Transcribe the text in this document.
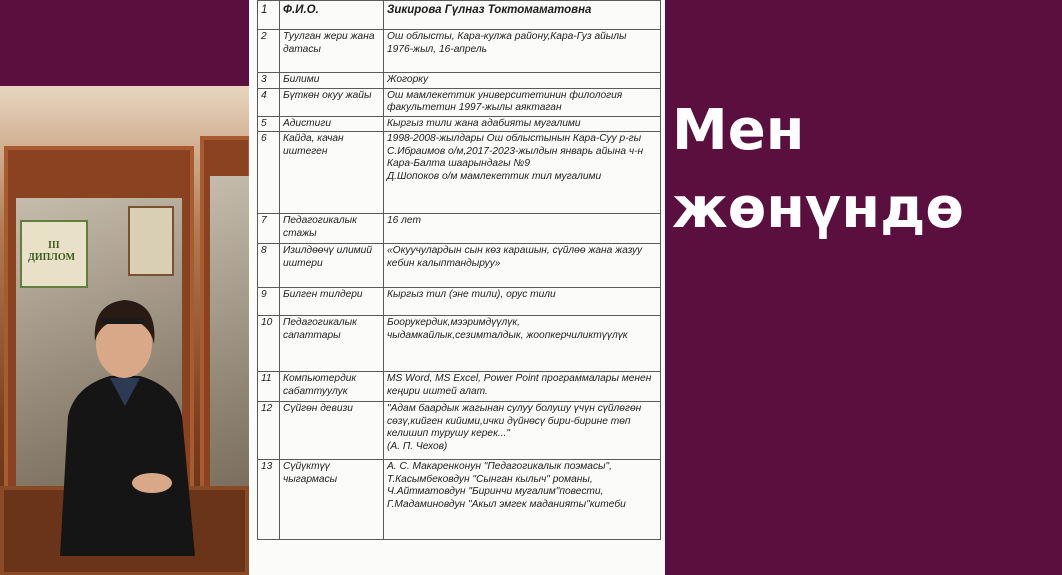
III
ДИПЛОМ
1	Ф.И.О.	Зикирова Гүлназ Токтомаматовна
2	Туулган жери жана датасы	Ош облысты, Кара-кулжа району,Кара-Гуз айылы
1976-жыл, 16-апрель
3	Билими	Жогорку
4	Бүткөн окуу жайы	Ош мамлекеттик университетинин филология факультетин 1997-жылы аяктаган
5	Адистиги	Кыргыз тили жана адабияты мугалими
6	Кайда, качан иштеген	1998-2008-жылдары Ош облыстынын Кара-Суу р-гы
С.Ибраимов о/м,2017-2023-жылдын январь айына ч-н Кара-Балта шаарындагы №9
Д.Шопоков о/м мамлекеттик тил мугалими
7	Педагогикалык стажы	16 лет
8	Изилдөөчү илимий иштери	«Окуучулардын сын көз карашын, сүйлөө жана жазуу кебин калыптандыруу»
9	Билген тилдери	Кыргыз тил (эне тили), орус тили
10	Педагогикалык сапаттары	Боорукердик,мээримдүүлүк, чыдамкайлык,сезимталдык, жоопкерчиликтүүлүк
11	Компьютердик сабаттуулук	MS Word, MS Excel, Power Point программалары менен кеңири иштей алат.
12	Сүйгөн девизи	"Адам баардык жагынан сулуу болушу үчүн сүйлөгөн сөзү,кийген кийими,ички дүйнөсү бири-бирине төп келишип турушу керек..."
(А. П. Чехов)
13	Сүйүктүү чыгармасы	А. С. Макаренконун "Педагогикалык поэмасы", Т.Касымбековдун "Сынган кылыч" романы,
Ч.Айтматовдун "Биринчи мугалим"повести, Г.Мадаминовдун "Акыл эмгек маданияты"китеби
Мен
жөнүндө
